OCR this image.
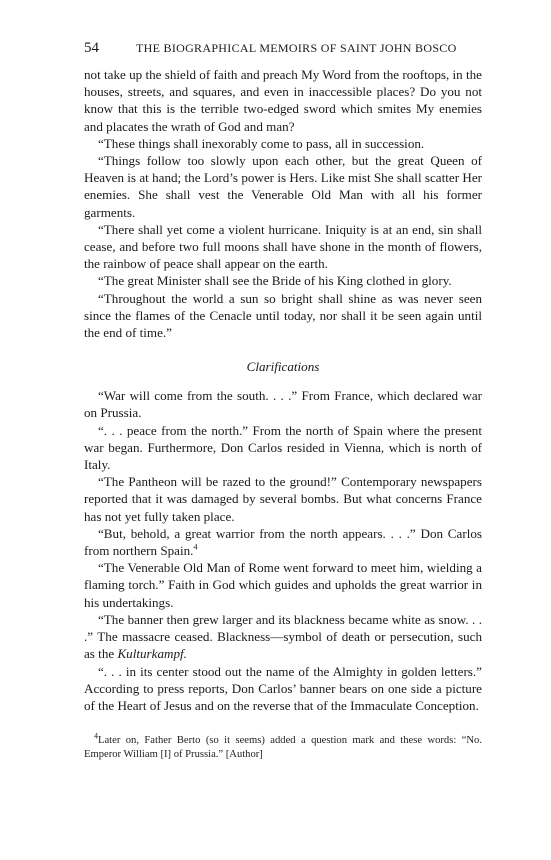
54	THE BIOGRAPHICAL MEMOIRS OF SAINT JOHN BOSCO

not take up the shield of faith and preach My Word from the rooftops, in the houses, streets, and squares, and even in inaccessible places? Do you not know that this is the terrible two-edged sword which smites My enemies and placates the wrath of God and man?

“These things shall inexorably come to pass, all in succession.

“Things follow too slowly upon each other, but the great Queen of Heaven is at hand; the Lord’s power is Hers. Like mist She shall scatter Her enemies. She shall vest the Venerable Old Man with all his former garments.

“There shall yet come a violent hurricane. Iniquity is at an end, sin shall cease, and before two full moons shall have shone in the month of flowers, the rainbow of peace shall appear on the earth.

“The great Minister shall see the Bride of his King clothed in glory.

“Throughout the world a sun so bright shall shine as was never seen since the flames of the Cenacle until today, nor shall it be seen again until the end of time.”

Clarifications

“War will come from the south. . . .” From France, which declared war on Prussia.

“. . . peace from the north.” From the north of Spain where the present war began. Furthermore, Don Carlos resided in Vienna, which is north of Italy.

“The Pantheon will be razed to the ground!” Contemporary newspapers reported that it was damaged by several bombs. But what concerns France has not yet fully taken place.

“But, behold, a great warrior from the north appears. . . .” Don Carlos from northern Spain.$^4$

“The Venerable Old Man of Rome went forward to meet him, wielding a flaming torch.” Faith in God which guides and upholds the great warrior in his undertakings.

“The banner then grew larger and its blackness became white as snow. . . .” The massacre ceased. Blackness—symbol of death or persecution, such as the Kulturkampf.

“. . . in its center stood out the name of the Almighty in golden letters.” According to press reports, Don Carlos’ banner bears on one side a picture of the Heart of Jesus and on the reverse that of the Immaculate Conception.

$^4$Later on, Father Berto (so it seems) added a question mark and these words: “No. Emperor William [I] of Prussia.” [Author]
